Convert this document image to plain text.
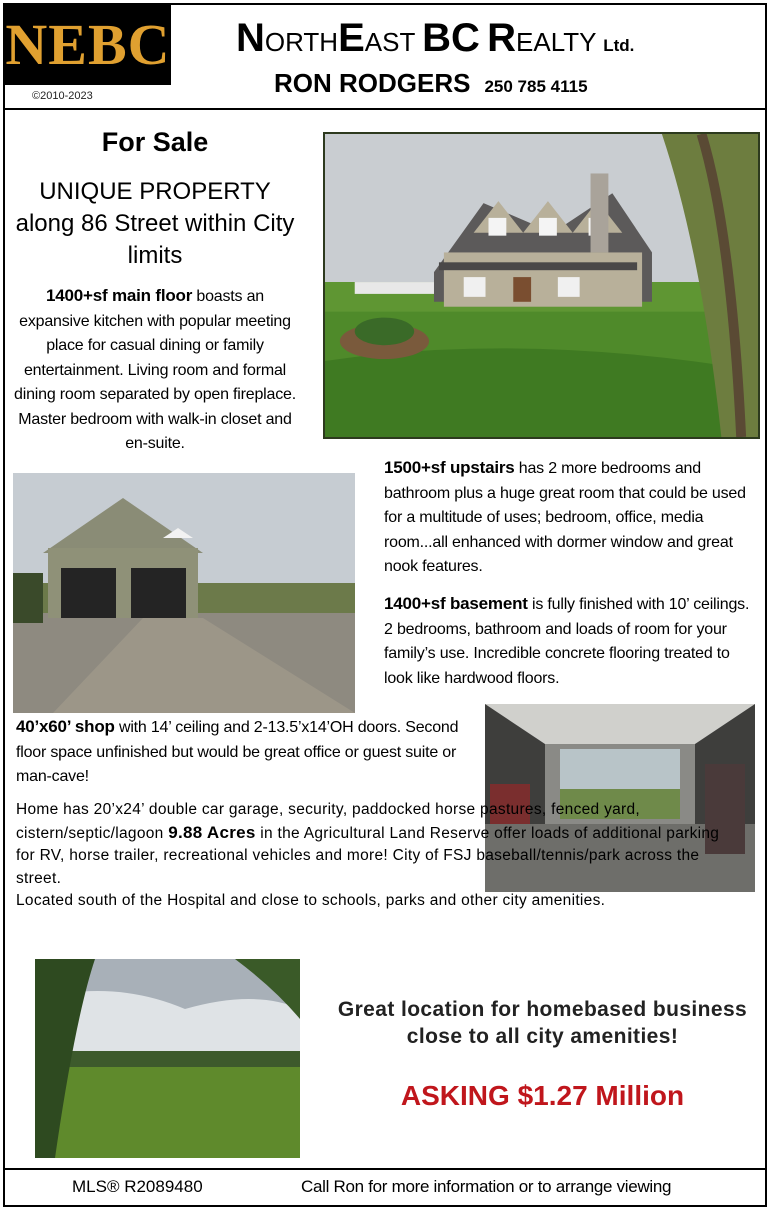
NEBC
©2010-2023
NORTHEAST BC REALTY Ltd.
RON RODGERS 250 785 4115
For Sale
UNIQUE PROPERTY along 86 Street within City limits
1400+sf main floor boasts an expansive kitchen with popular meeting place for casual dining or family entertainment. Living room and formal dining room separated by open fireplace. Master bedroom with walk-in closet and en-suite.
1500+sf upstairs has 2 more bedrooms and bathroom plus a huge great room that could be used for a multitude of uses; bedroom, office, media room...all enhanced with dormer window and great nook features.
1400+sf basement is fully finished with 10’ ceilings. 2 bedrooms, bathroom and loads of room for your family’s use. Incredible concrete flooring treated to look like hardwood floors.
40’x60’ shop with 14’ ceiling and 2-13.5’x14’OH doors. Second floor space unfinished but would be great office or guest suite or man-cave!
Home has 20’x24’ double car garage, security, paddocked horse pastures, fenced yard, cistern/septic/lagoon 9.88 Acres in the Agricultural Land Reserve offer loads of additional parking for RV, horse trailer, recreational vehicles and more! City of FSJ baseball/tennis/park across the street.
Located south of the Hospital and close to schools, parks and other city amenities.
Great location for homebased business close to all city amenities!
ASKING $1.27 Million
MLS® R2089480	Call Ron for more information or to arrange viewing
